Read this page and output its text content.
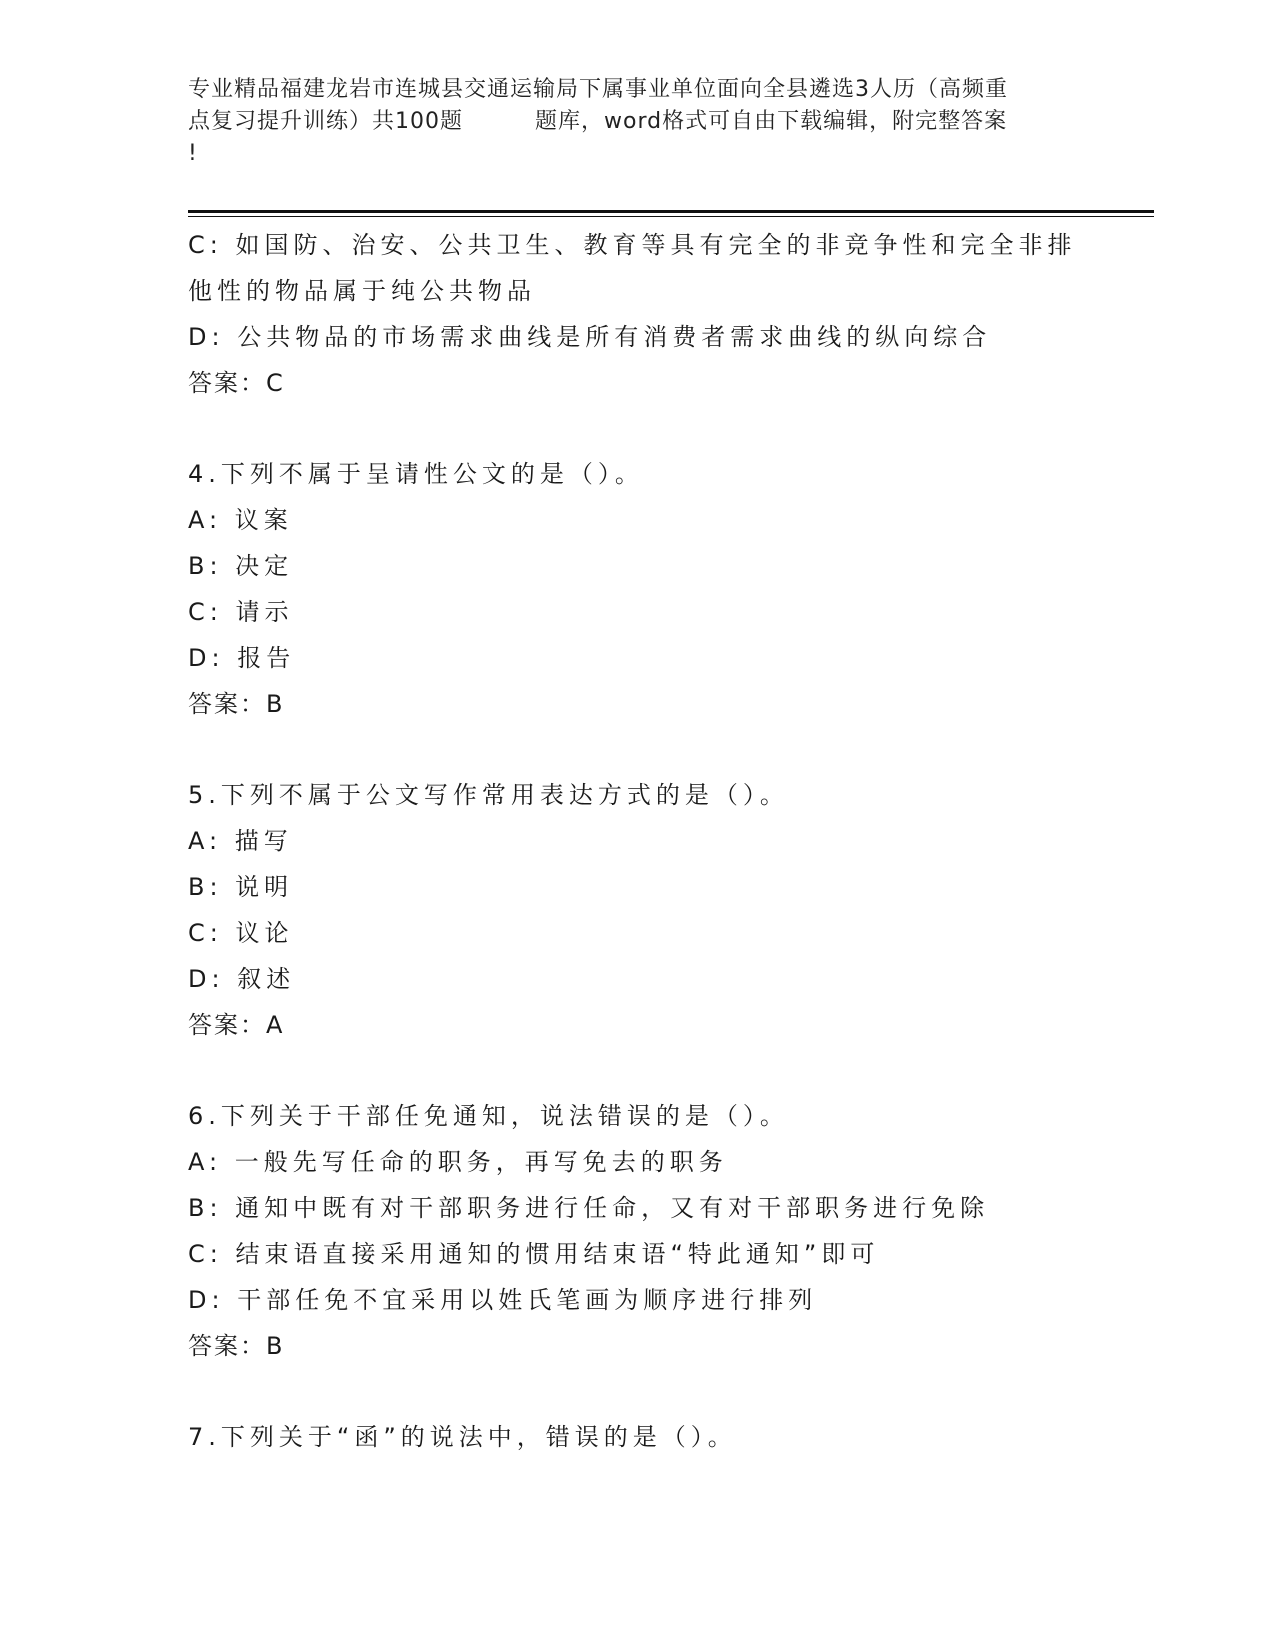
专业精品福建龙岩市连城县交通运输局下属事业单位面向全县遴选3人历（高频重
点复习提升训练）共100题	题库，word格式可自由下载编辑，附完整答案
!
C: 如国防、治安、公共卫生、教育等具有完全的非竞争性和完全非排
他性的物品属于纯公共物品
D: 公共物品的市场需求曲线是所有消费者需求曲线的纵向综合
答案：C
4.下列不属于呈请性公文的是（）。
A: 议案
B: 决定
C: 请示
D: 报告
答案：B
5.下列不属于公文写作常用表达方式的是（）。
A: 描写
B: 说明
C: 议论
D: 叙述
答案：A
6.下列关于干部任免通知，说法错误的是（）。
A: 一般先写任命的职务，再写免去的职务
B: 通知中既有对干部职务进行任命，又有对干部职务进行免除
C: 结束语直接采用通知的惯用结束语“特此通知”即可
D: 干部任免不宜采用以姓氏笔画为顺序进行排列
答案：B
7.下列关于“函”的说法中，错误的是（）。
